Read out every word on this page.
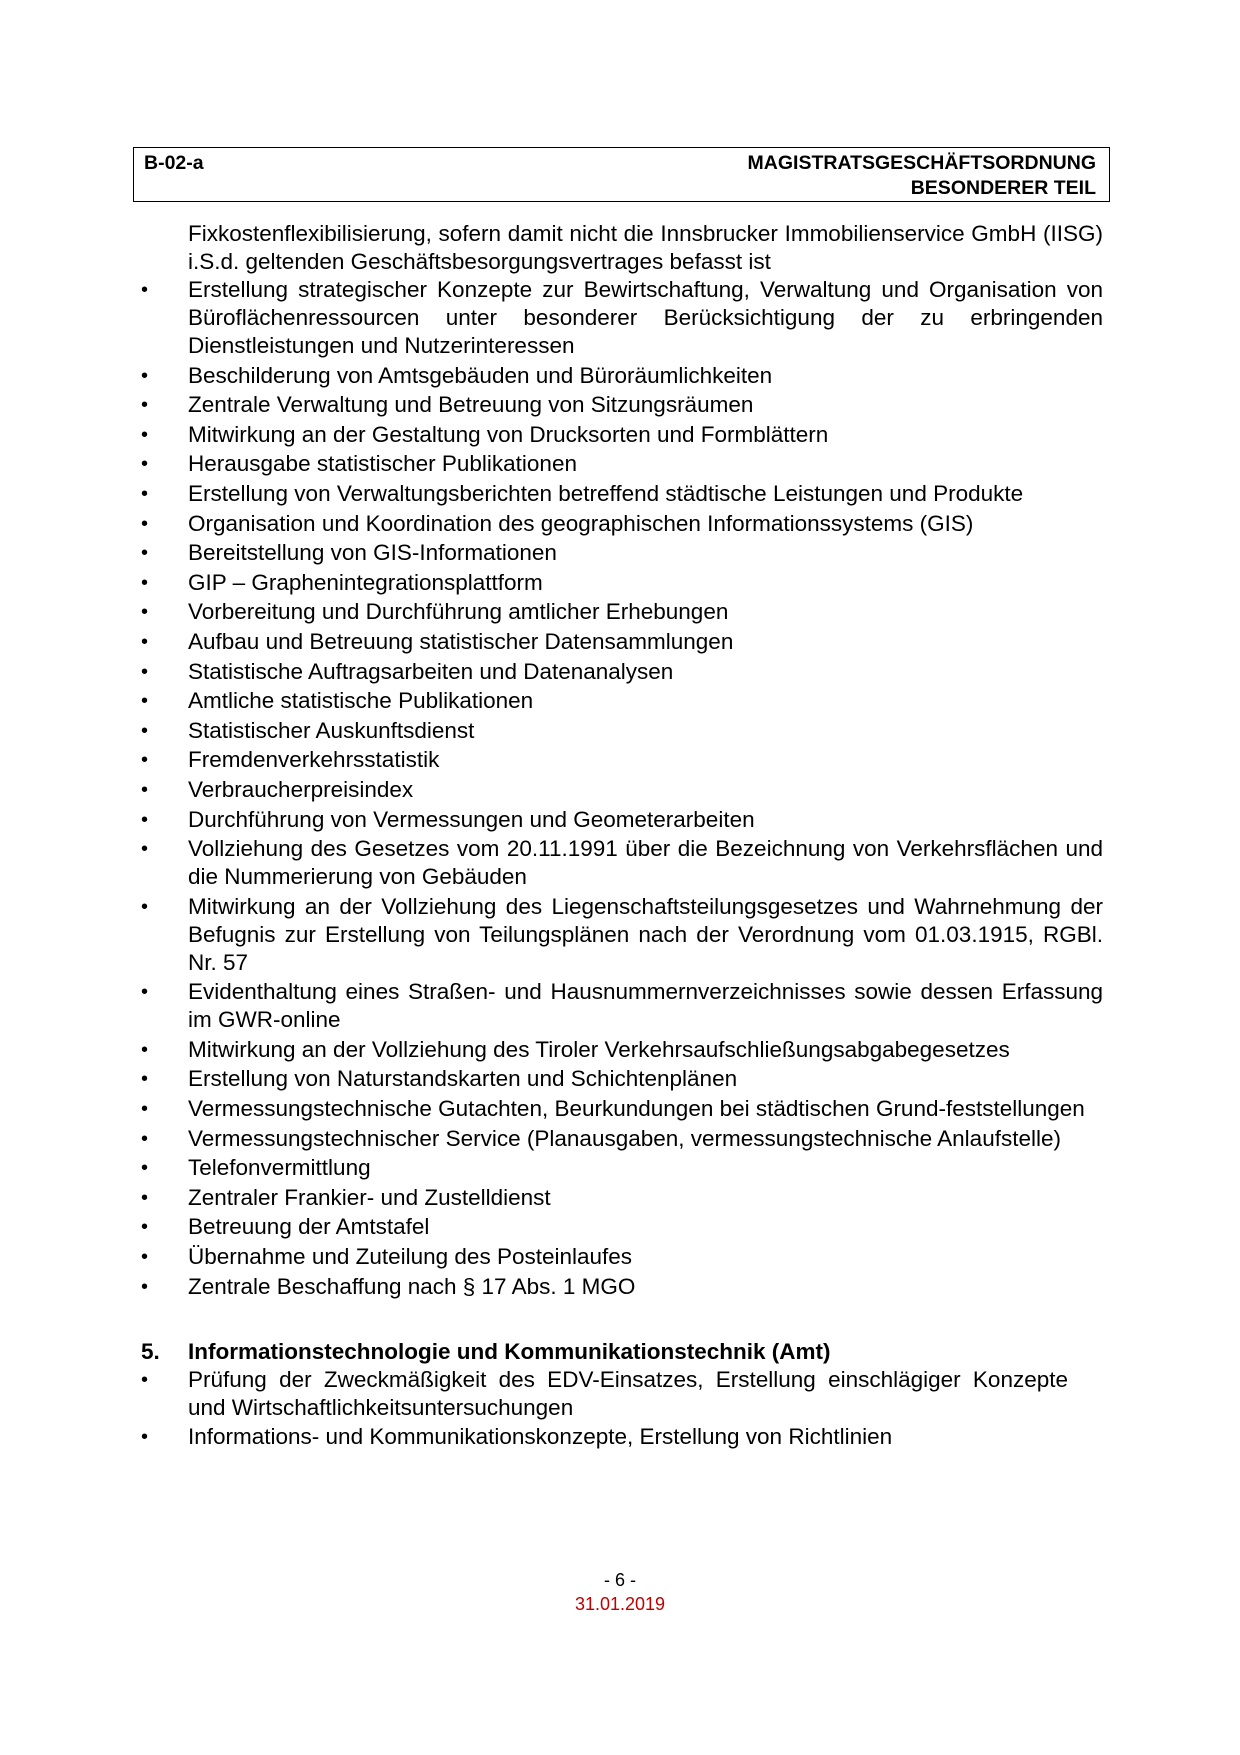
B-02-a	MAGISTRATSGESCHÄFTSORDNUNG
BESONDERER TEIL

Fixkostenflexibilisierung, sofern damit nicht die Innsbrucker Immobilienservice GmbH (IISG) i.S.d. geltenden Geschäftsbesorgungsvertrages befasst ist

•	Erstellung strategischer Konzepte zur Bewirtschaftung, Verwaltung und Organisation von Büroflächenressourcen unter besonderer Berücksichtigung der zu erbringenden Dienstleistungen und Nutzerinteressen
•	Beschilderung von Amtsgebäuden und Büroräumlichkeiten
•	Zentrale Verwaltung und Betreuung von Sitzungsräumen
•	Mitwirkung an der Gestaltung von Drucksorten und Formblättern
•	Herausgabe statistischer Publikationen
•	Erstellung von Verwaltungsberichten betreffend städtische Leistungen und Produkte
•	Organisation und Koordination des geographischen Informationssystems (GIS)
•	Bereitstellung von GIS-Informationen
•	GIP – Graphenintegrationsplattform
•	Vorbereitung und Durchführung amtlicher Erhebungen
•	Aufbau und Betreuung statistischer Datensammlungen
•	Statistische Auftragsarbeiten und Datenanalysen
•	Amtliche statistische Publikationen
•	Statistischer Auskunftsdienst
•	Fremdenverkehrsstatistik
•	Verbraucherpreisindex
•	Durchführung von Vermessungen und Geometerarbeiten
•	Vollziehung des Gesetzes vom 20.11.1991 über die Bezeichnung von Verkehrsflächen und die Nummerierung von Gebäuden
•	Mitwirkung an der Vollziehung des Liegenschaftsteilungsgesetzes und Wahrnehmung der Befugnis zur Erstellung von Teilungsplänen nach der Verordnung vom 01.03.1915, RGBl. Nr. 57
•	Evidenthaltung eines Straßen- und Hausnummernverzeichnisses sowie dessen Erfassung im GWR-online
•	Mitwirkung an der Vollziehung des Tiroler Verkehrsaufschließungsabgabegesetzes
•	Erstellung von Naturstandskarten und Schichtenplänen
•	Vermessungstechnische Gutachten, Beurkundungen bei städtischen Grund-feststellungen
•	Vermessungstechnischer Service (Planausgaben, vermessungstechnische Anlaufstelle)
•	Telefonvermittlung
•	Zentraler Frankier- und Zustelldienst
•	Betreuung der Amtstafel
•	Übernahme und Zuteilung des Posteinlaufes
•	Zentrale Beschaffung nach § 17 Abs. 1 MGO
5. Informationstechnologie und Kommunikationstechnik (Amt)
•	Prüfung der Zweckmäßigkeit des EDV-Einsatzes, Erstellung einschlägiger Konzepte und Wirtschaftlichkeitsuntersuchungen
•	Informations- und Kommunikationskonzepte, Erstellung von Richtlinien
- 6 -
31.01.2019
